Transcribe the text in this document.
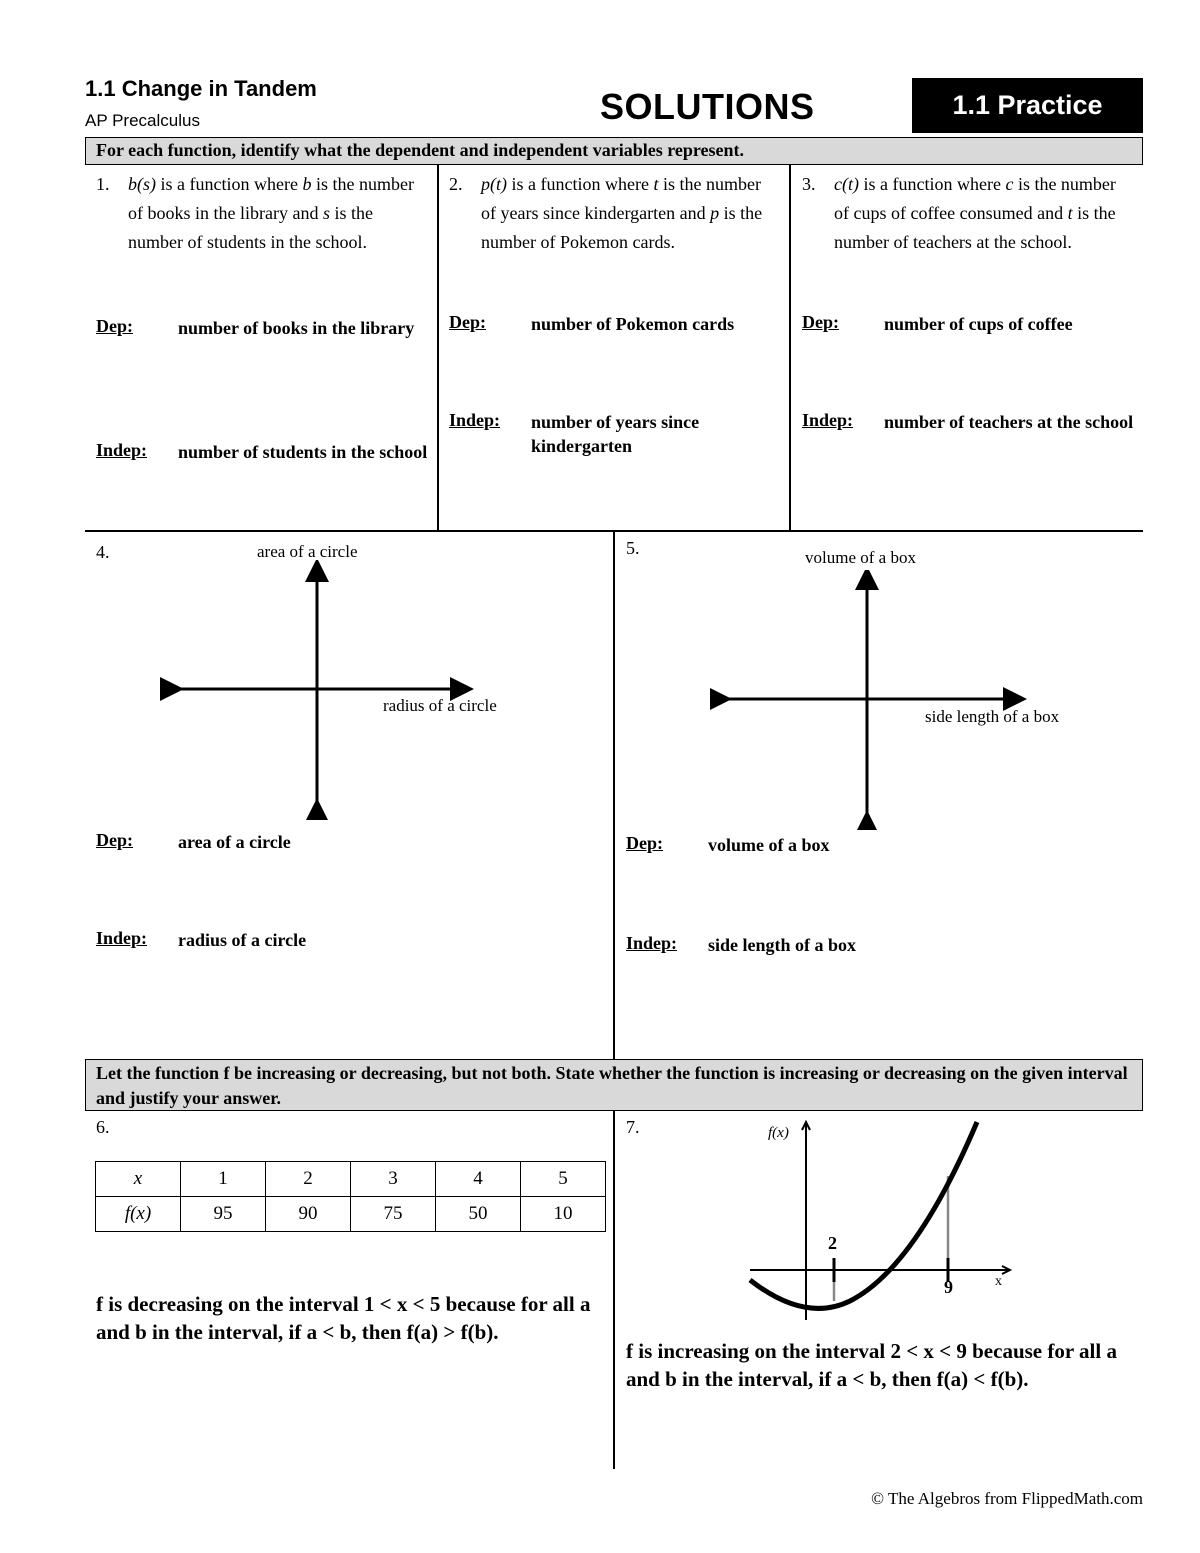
1.1 Change in Tandem
AP Precalculus	SOLUTIONS	1.1 Practice
For each function, identify what the dependent and independent variables represent.
1. b(s) is a function where b is the number of books in the library and s is the number of students in the school.
Dep:	number of books in the library
Indep: number of students in the school
2. p(t) is a function where t is the number of years since kindergarten and p is the number of Pokemon cards.
Dep:	number of Pokemon cards
Indep: number of years since kindergarten
3. c(t) is a function where c is the number of cups of coffee consumed and t is the number of teachers at the school.
Dep:	number of cups of coffee
Indep: number of teachers at the school
4.	area of a circle
radius of a circle
Dep:	area of a circle
Indep: radius of a circle
5.	volume of a box
side length of a box
Dep:	volume of a box
Indep: side length of a box
Let the function f be increasing or decreasing, but not both. State whether the function is increasing or decreasing on the given interval and justify your answer.
6.
x	1	2	3	4	5
f(x)	95	90	75	50	10
f is decreasing on the interval 1 < x < 5 because for all a and b in the interval, if a < b, then f(a) > f(b).
7.	f(x)
x
2
9
f is increasing on the interval 2 < x < 9 because for all a and b in the interval, if a < b, then f(a) < f(b).
© The Algebros from FlippedMath.com
